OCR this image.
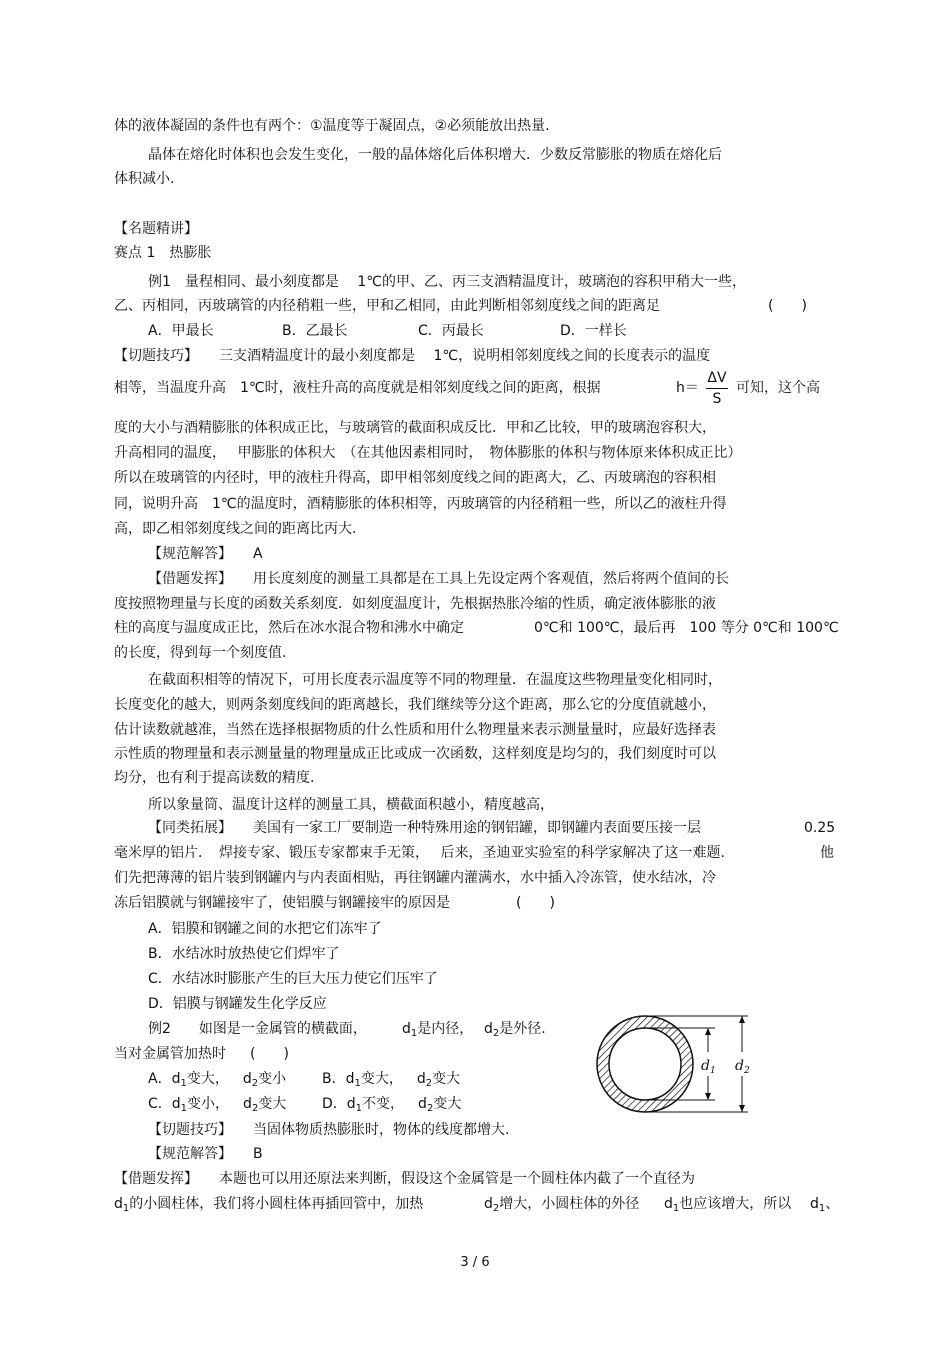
体的液体凝固的条件也有两个：①温度等于凝固点，②必须能放出热量.
晶体在熔化时体积也会发生变化，一般的晶体熔化后体积增大．少数反常膨胀的物质在熔化后
体积减小.
【名题精讲】
赛点 1　热膨胀
例1　量程相同、最小刻度都是　 1℃的甲、乙、丙三支酒精温度计，玻璃泡的容积甲稍大一些，
乙、丙相同，丙玻璃管的内径稍粗一些，甲和乙相同，由此判断相邻刻度线之间的距离足	(　　)
A．甲最长	B．乙最长	C．丙最长	D．一样长
【切题技巧】　　三支酒精温度计的最小刻度都是　 1℃，说明相邻刻度线之间的长度表示的温度
相等，当温度升高　1℃时，液柱升高的高度就是相邻刻度线之间的距离，根据	h＝
ΔV
S
可知，这个高
度的大小与酒精膨胀的体积成正比，与玻璃管的截面积成反比．甲和乙比较，甲的玻璃泡容积大，
升高相同的温度，　 甲膨胀的体积大　（在其他因素相同时，　物体膨胀的体积与物体原来体积成正比）
所以在玻璃管的内径时，甲的液柱升得高，即甲相邻刻度线之间的距离大，乙、丙玻璃泡的容积相
同，说明升高　1℃的温度时，酒精膨胀的体积相等，丙玻璃管的内径稍粗一些，所以乙的液柱升得
高，即乙相邻刻度线之间的距离比丙大.
【规范解答】　　A
【借题发挥】　　用长度刻度的测量工具都是在工具上先设定两个客观值，然后将两个值间的长
度按照物理量与长度的函数关系刻度．如刻度温度计，先根据热胀冷缩的性质，确定液体膨胀的液
柱的高度与温度成正比，然后在冰水混合物和沸水中确定	0℃和 100℃，最后再　100 等分 0℃和 100℃
的长度，得到每一个刻度值.
在截面积相等的情况下，可用长度表示温度等不同的物理量．在温度这些物理量变化相同时，
长度变化的越大，则两条刻度线间的距离越长，我们继续等分这个距离，那么它的分度值就越小，
估计读数就越准，当然在选择根据物质的什么性质和用什么物理量来表示测量量时，应最好选择表
示性质的物理量和表示测量量的物理量成正比或成一次函数，这样刻度是均匀的，我们刻度时可以
均分，也有利于提高读数的精度.
所以象量筒、温度计这样的测量工具，横截面积越小，精度越高，
【同类拓展】　　美国有一家工厂要制造一种特殊用途的钢铝罐，即钢罐内表面要压接一层	0.25
毫米厚的铝片．　焊接专家、锻压专家都束手无策，　 后来，圣迪亚实验室的科学家解决了这一难题.	他
们先把薄薄的铝片装到钢罐内与内表面相贴，再往钢罐内灌满水，水中插入冷冻管，使水结冰，冷
冻后铝膜就与钢罐接牢了，使铝膜与钢罐接牢的原因是	(　　)
A．铝膜和钢罐之间的水把它们冻牢了
B．水结冰时放热使它们焊牢了
C．水结冰时膨胀产生的巨大压力使它们压牢了
D．铝膜与钢罐发生化学反应
例2　　如图是一金属管的横截面，	$d_1$是内径， $d_2$是外径.
当对金属管加热时 (　　)
A．$d_1$变大，  $d_2$变小	B．$d_1$变大，  $d_2$变大
C．$d_1$变小，  $d_2$变大	D．$d_1$不变，  $d_2$变大
【切题技巧】　　当固体物质热膨胀时，物体的线度都增大.
【规范解答】　　B
【借题发挥】　　本题也可以用还原法来判断，假设这个金属管是一个圆柱体内截了一个直径为
$d_1$的小圆柱体，我们将小圆柱体再插回管中，加热	$d_2$增大，小圆柱体的外径 $d_1$也应该增大，所以 $d_1$、
$d_1$ $d_2$
3 / 6
